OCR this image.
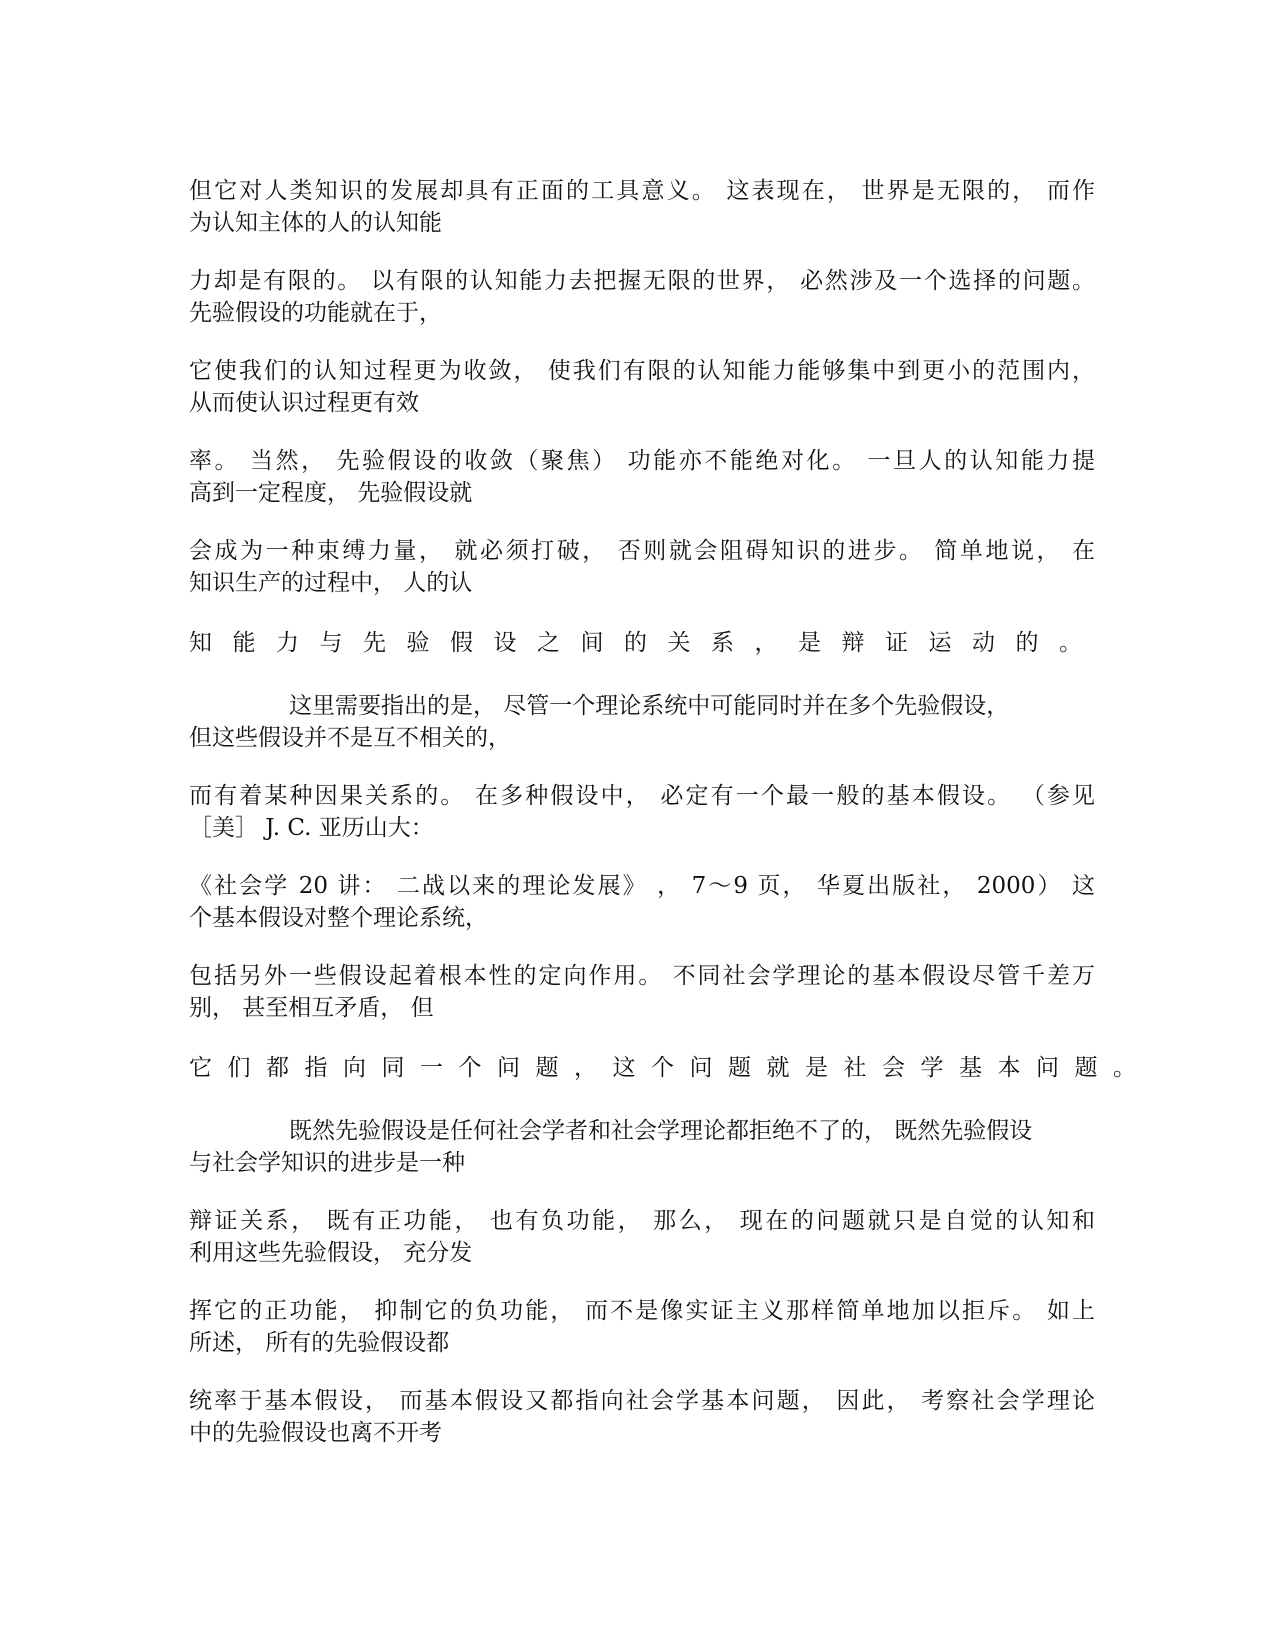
但它对人类知识的发展却具有正面的工具意义。 这表现在， 世界是无限的， 而作
为认知主体的人的认知能

力却是有限的。 以有限的认知能力去把握无限的世界， 必然涉及一个选择的问题。
先验假设的功能就在于，

它使我们的认知过程更为收敛， 使我们有限的认知能力能够集中到更小的范围内，
从而使认识过程更有效

率。 当然， 先验假设的收敛（聚焦） 功能亦不能绝对化。 一旦人的认知能力提
高到一定程度， 先验假设就

会成为一种束缚力量， 就必须打破， 否则就会阻碍知识的进步。 简单地说， 在
知识生产的过程中， 人的认

知能力与先验假设之间的关系，是辩证运动的。

这里需要指出的是， 尽管一个理论系统中可能同时并在多个先验假设，
但这些假设并不是互不相关的，

而有着某种因果关系的。 在多种假设中， 必定有一个最一般的基本假设。 （参见
［美］ J. C. 亚历山大：

《社会学 20 讲： 二战以来的理论发展》 ， 7～9 页， 华夏出版社， 2000） 这
个基本假设对整个理论系统，

包括另外一些假设起着根本性的定向作用。 不同社会学理论的基本假设尽管千差万
别， 甚至相互矛盾， 但

它们都指向同一个问题，这个问题就是社会学基本问题。

既然先验假设是任何社会学者和社会学理论都拒绝不了的， 既然先验假设
与社会学知识的进步是一种

辩证关系， 既有正功能， 也有负功能， 那么， 现在的问题就只是自觉的认知和
利用这些先验假设， 充分发

挥它的正功能， 抑制它的负功能， 而不是像实证主义那样简单地加以拒斥。 如上
所述， 所有的先验假设都

统率于基本假设， 而基本假设又都指向社会学基本问题， 因此， 考察社会学理论
中的先验假设也离不开考
